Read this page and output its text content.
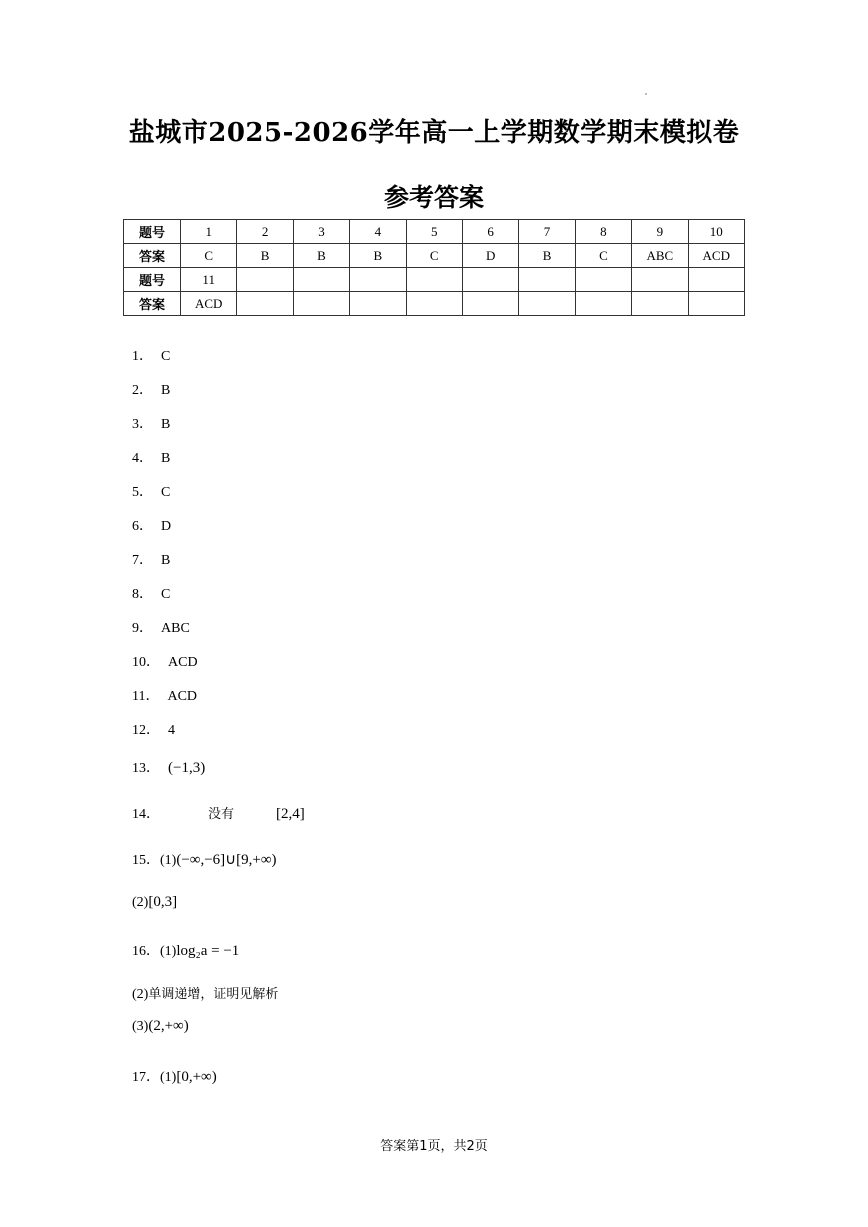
盐城市2025-2026学年高一上学期数学期末模拟卷
参考答案
题号	1	2	3	4	5	6	7	8	9	10
答案	C	B	B	B	C	D	B	C	ABC	ACD
题号	11									
答案	ACD									
1． C
2． B
3． B
4． B
5． C
6． D
7． B
8． C
9． ABC
10． ACD
11． ACD
12． 4
13． (−1,3)
14．	没有	[2,4]
15．(1)(−∞,−6]∪[9,+∞)
(2)[0,3]
16．(1)log₂a = −1
(2)单调递增，证明见解析
(3)(2,+∞)
17．(1)[0,+∞)
答案第1页，共2页
